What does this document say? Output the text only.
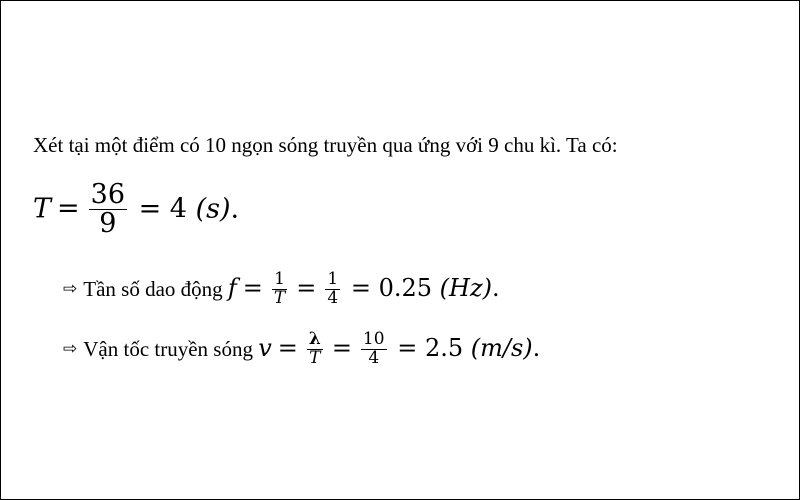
Xét tại một điểm có 10 ngọn sóng truyền qua ứng với 9 chu kì. Ta có:
$T = \frac{36}{9} = 4$ (s).
⇨ Tần số dao động $f = \frac{1}{T} = \frac{1}{4} = 0.25$ (Hz).
⇨ Vận tốc truyền sóng $v = \frac{\lambda}{T} = \frac{10}{4} = 2.5$ (m/s).
